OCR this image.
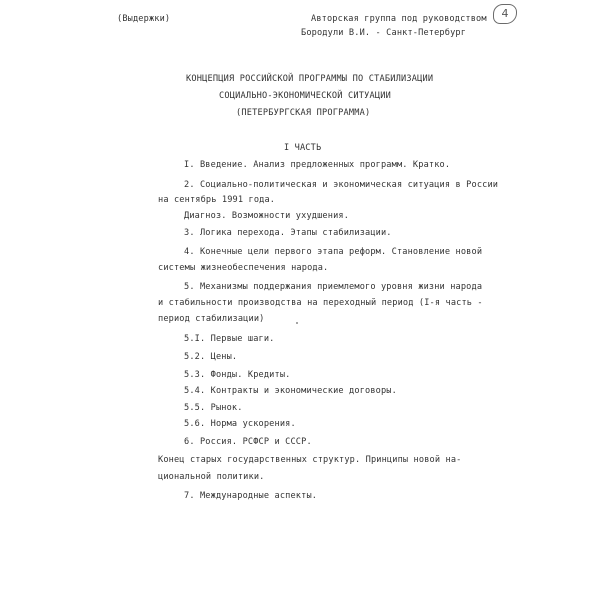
(Выдержки)	Авторская группа под руководством
Бородули В.И. - Санкт-Петербург
4
КОНЦЕПЦИЯ РОССИЙСКОЙ ПРОГРАММЫ ПО СТАБИЛИЗАЦИИ
СОЦИАЛЬНО-ЭКОНОМИЧЕСКОЙ СИТУАЦИИ
(ПЕТЕРБУРГСКАЯ ПРОГРАММА)
I ЧАСТЬ
I. Введение. Анализ предложенных программ. Кратко.
2. Социально-политическая и экономическая ситуация в России
на сентябрь 1991 года.
Диагноз. Возможности ухудшения.
3. Логика перехода. Этапы стабилизации.
4. Конечные цели первого этапа реформ. Становление новой
системы жизнеобеспечения народа.
5. Механизмы поддержания приемлемого уровня жизни народа
и стабильности производства на переходный период (I-я часть -
период стабилизации)
5.I. Первые шаги.
5.2. Цены.
5.3. Фонды. Кредиты.
5.4. Контракты и экономические договоры.
5.5. Рынок.
5.6. Норма ускорения.
6. Россия. РСФСР и СССР.
Конец старых государственных структур. Принципы новой на-
циональной политики.
7. Международные аспекты.
